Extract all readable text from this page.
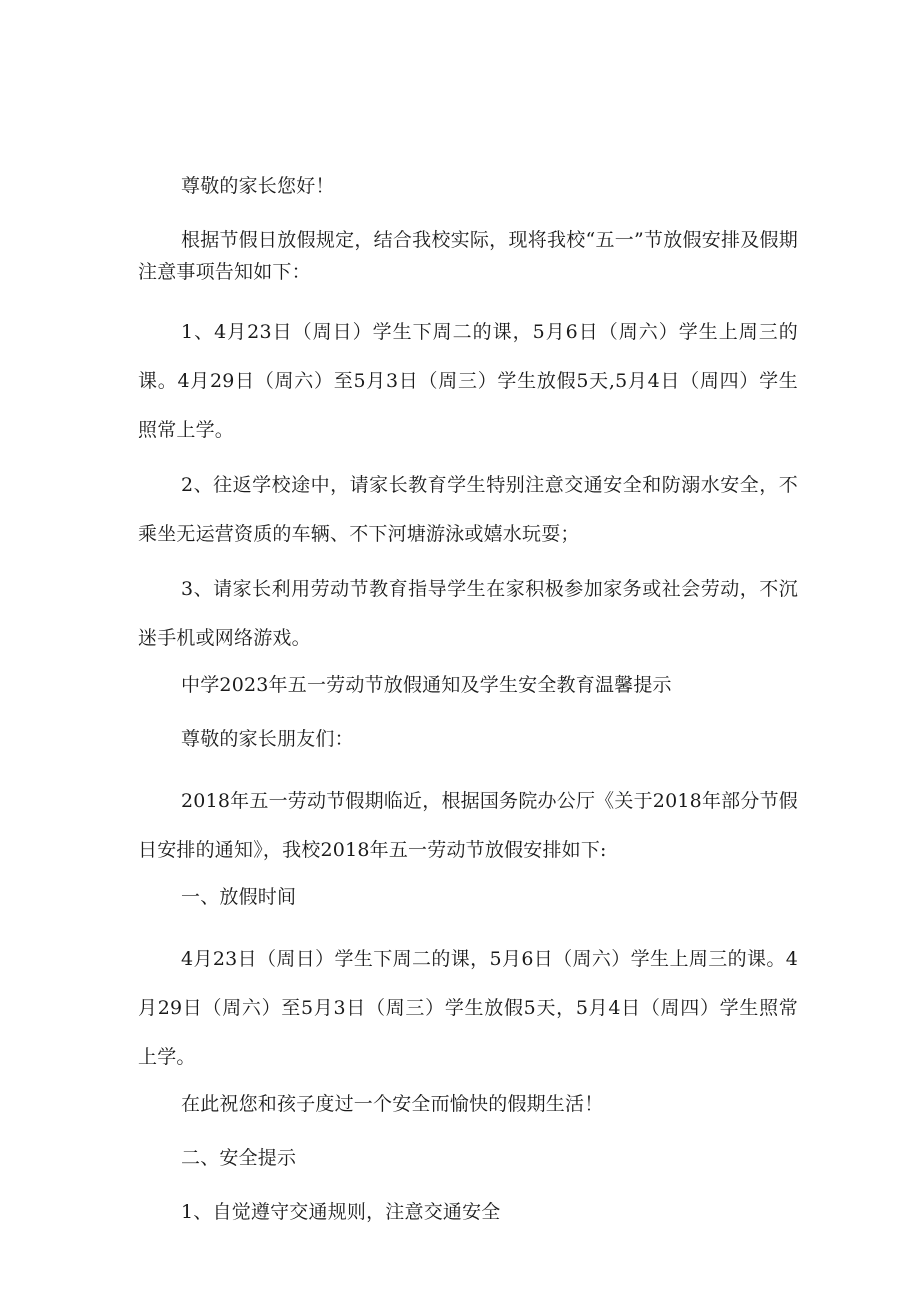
尊敬的家长您好！

根据节假日放假规定，结合我校实际，现将我校“五一”节放假安排及假期注意事项告知如下：

1、4月23日（周日）学生下周二的课，5月6日（周六）学生上周三的课。4月29日（周六）至5月3日（周三）学生放假5天,5月4日（周四）学生照常上学。

2、往返学校途中，请家长教育学生特别注意交通安全和防溺水安全，不乘坐无运营资质的车辆、不下河塘游泳或嬉水玩耍；

3、请家长利用劳动节教育指导学生在家积极参加家务或社会劳动，不沉迷手机或网络游戏。

中学2023年五一劳动节放假通知及学生安全教育温馨提示

尊敬的家长朋友们：

2018年五一劳动节假期临近，根据国务院办公厅《关于2018年部分节假日安排的通知》，我校2018年五一劳动节放假安排如下:

一、放假时间

4月23日（周日）学生下周二的课，5月6日（周六）学生上周三的课。4月29日（周六）至5月3日（周三）学生放假5天，5月4日（周四）学生照常上学。

在此祝您和孩子度过一个安全而愉快的假期生活！

二、安全提示

1、自觉遵守交通规则，注意交通安全
